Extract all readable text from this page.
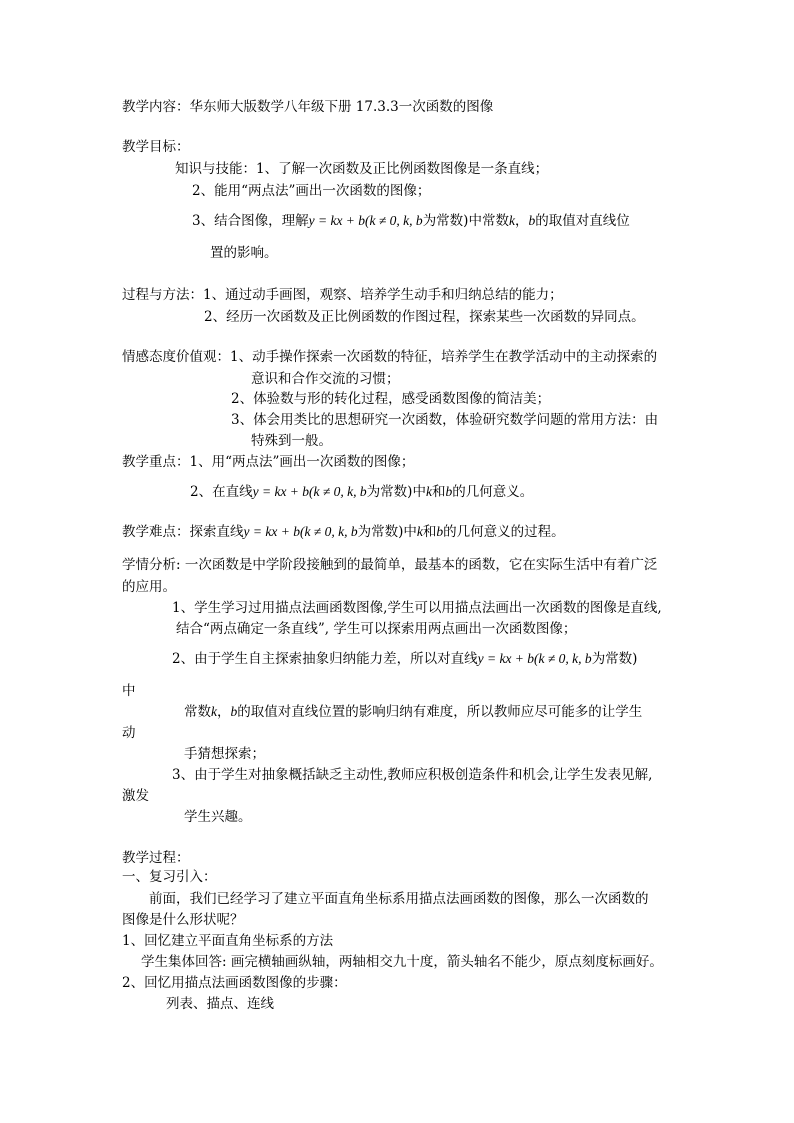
教学内容：华东师大版数学八年级下册 17.3.3一次函数的图像
教学目标：
知识与技能：1、了解一次函数及正比例函数图像是一条直线；
2、能用“两点法”画出一次函数的图像；
3、结合图像，理解y = kx + b(k ≠ 0, k, b为常数)中常数k，b的取值对直线位
置的影响。
过程与方法：1、通过动手画图，观察、培养学生动手和归纳总结的能力；
2、经历一次函数及正比例函数的作图过程，探索某些一次函数的异同点。
情感态度价值观：1、动手操作探索一次函数的特征，培养学生在教学活动中的主动探索的
意识和合作交流的习惯；
2、体验数与形的转化过程，感受函数图像的简洁美；
3、体会用类比的思想研究一次函数，体验研究数学问题的常用方法：由
特殊到一般。
教学重点：1、用“两点法”画出一次函数的图像；
2、在直线y = kx + b(k ≠ 0, k, b为常数)中k和b的几何意义。
教学难点：探索直线y = kx + b(k ≠ 0, k, b为常数)中k和b的几何意义的过程。
学情分析: 一次函数是中学阶段接触到的最简单，最基本的函数，它在实际生活中有着广泛
的应用。
1、学生学习过用描点法画函数图像,学生可以用描点法画出一次函数的图像是直线,
结合“两点确定一条直线”, 学生可以探索用两点画出一次函数图像；
2、由于学生自主探索抽象归纳能力差，所以对直线y = kx + b(k ≠ 0, k, b为常数)
中
常数k，b的取值对直线位置的影响归纳有难度，所以教师应尽可能多的让学生
动
手猜想探索；
3、由于学生对抽象概括缺乏主动性,教师应积极创造条件和机会,让学生发表见解,
激发
学生兴趣。
教学过程：
一、复习引入：
前面，我们已经学习了建立平面直角坐标系用描点法画函数的图像，那么一次函数的
图像是什么形状呢？
1、回忆建立平面直角坐标系的方法
学生集体回答: 画完横轴画纵轴，两轴相交九十度，箭头轴名不能少，原点刻度标画好。
2、回忆用描点法画函数图像的步骤：
列表、描点、连线
